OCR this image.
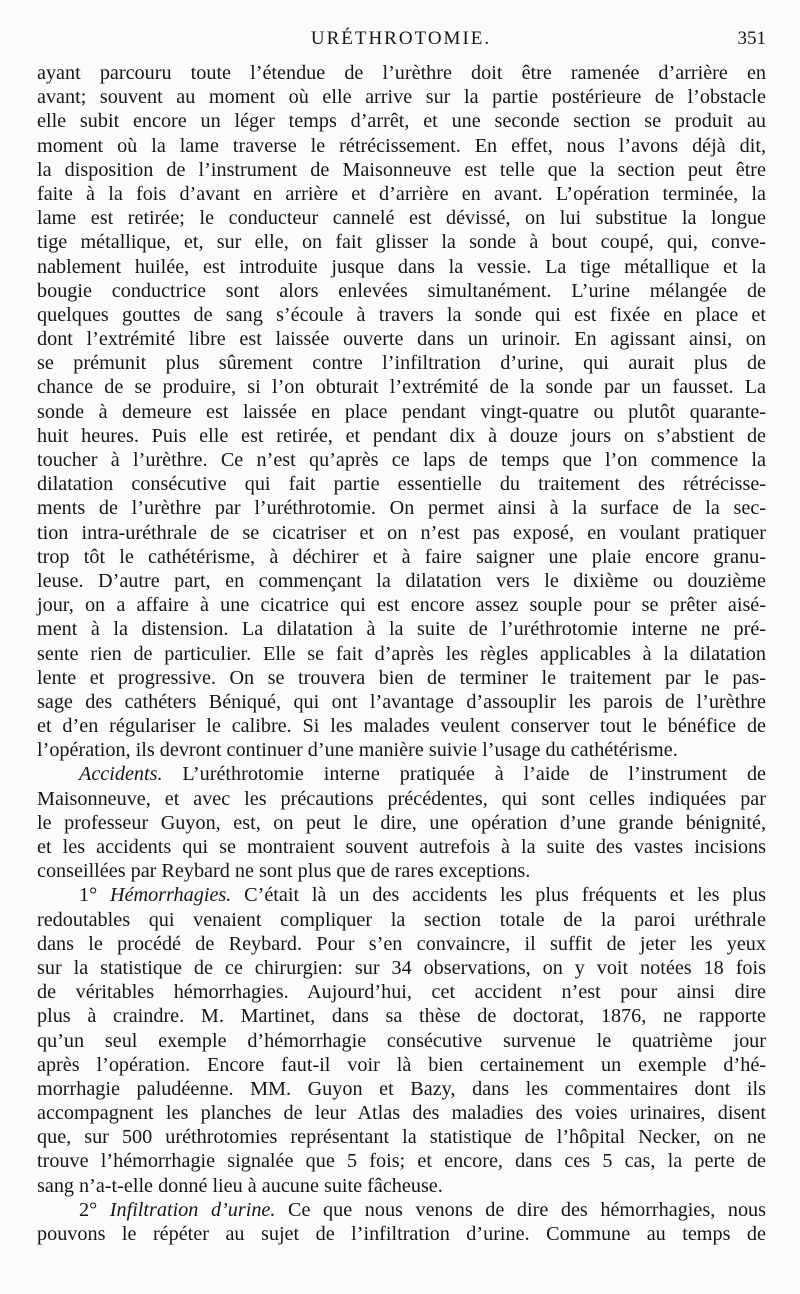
URÉTHROTOMIE.	351
ayant parcouru toute l’étendue de l’urèthre doit être ramenée d’arrière en
avant; souvent au moment où elle arrive sur la partie postérieure de l’obstacle
elle subit encore un léger temps d’arrêt, et une seconde section se produit au
moment où la lame traverse le rétrécissement. En effet, nous l’avons déjà dit,
la disposition de l’instrument de Maisonneuve est telle que la section peut être
faite à la fois d’avant en arrière et d’arrière en avant. L’opération terminée, la
lame est retirée; le conducteur cannelé est dévissé, on lui substitue la longue
tige métallique, et, sur elle, on fait glisser la sonde à bout coupé, qui, conve-
nablement huilée, est introduite jusque dans la vessie. La tige métallique et la
bougie conductrice sont alors enlevées simultanément. L’urine mélangée de
quelques gouttes de sang s’écoule à travers la sonde qui est fixée en place et
dont l’extrémité libre est laissée ouverte dans un urinoir. En agissant ainsi, on
se prémunit plus sûrement contre l’infiltration d’urine, qui aurait plus de
chance de se produire, si l’on obturait l’extrémité de la sonde par un fausset. La
sonde à demeure est laissée en place pendant vingt-quatre ou plutôt quarante-
huit heures. Puis elle est retirée, et pendant dix à douze jours on s’abstient de
toucher à l’urèthre. Ce n’est qu’après ce laps de temps que l’on commence la
dilatation consécutive qui fait partie essentielle du traitement des rétrécisse-
ments de l’urèthre par l’uréthrotomie. On permet ainsi à la surface de la sec-
tion intra-uréthrale de se cicatriser et on n’est pas exposé, en voulant pratiquer
trop tôt le cathétérisme, à déchirer et à faire saigner une plaie encore granu-
leuse. D’autre part, en commençant la dilatation vers le dixième ou douzième
jour, on a affaire à une cicatrice qui est encore assez souple pour se prêter aisé-
ment à la distension. La dilatation à la suite de l’uréthrotomie interne ne pré-
sente rien de particulier. Elle se fait d’après les règles applicables à la dilatation
lente et progressive. On se trouvera bien de terminer le traitement par le pas-
sage des cathéters Béniqué, qui ont l’avantage d’assouplir les parois de l’urèthre
et d’en régulariser le calibre. Si les malades veulent conserver tout le bénéfice de
l’opération, ils devront continuer d’une manière suivie l’usage du cathétérisme.
Accidents. L’uréthrotomie interne pratiquée à l’aide de l’instrument de
Maisonneuve, et avec les précautions précédentes, qui sont celles indiquées par
le professeur Guyon, est, on peut le dire, une opération d’une grande bénignité,
et les accidents qui se montraient souvent autrefois à la suite des vastes incisions
conseillées par Reybard ne sont plus que de rares exceptions.
1° Hémorrhagies. C’était là un des accidents les plus fréquents et les plus
redoutables qui venaient compliquer la section totale de la paroi uréthrale
dans le procédé de Reybard. Pour s’en convaincre, il suffit de jeter les yeux
sur la statistique de ce chirurgien: sur 34 observations, on y voit notées 18 fois
de véritables hémorrhagies. Aujourd’hui, cet accident n’est pour ainsi dire
plus à craindre. M. Martinet, dans sa thèse de doctorat, 1876, ne rapporte
qu’un seul exemple d’hémorrhagie consécutive survenue le quatrième jour
après l’opération. Encore faut-il voir là bien certainement un exemple d’hé-
morrhagie paludéenne. MM. Guyon et Bazy, dans les commentaires dont ils
accompagnent les planches de leur Atlas des maladies des voies urinaires, disent
que, sur 500 uréthrotomies représentant la statistique de l’hôpital Necker, on ne
trouve l’hémorrhagie signalée que 5 fois; et encore, dans ces 5 cas, la perte de
sang n’a-t-elle donné lieu à aucune suite fâcheuse.
2° Infiltration d’urine. Ce que nous venons de dire des hémorrhagies, nous
pouvons le répéter au sujet de l’infiltration d’urine. Commune au temps de
